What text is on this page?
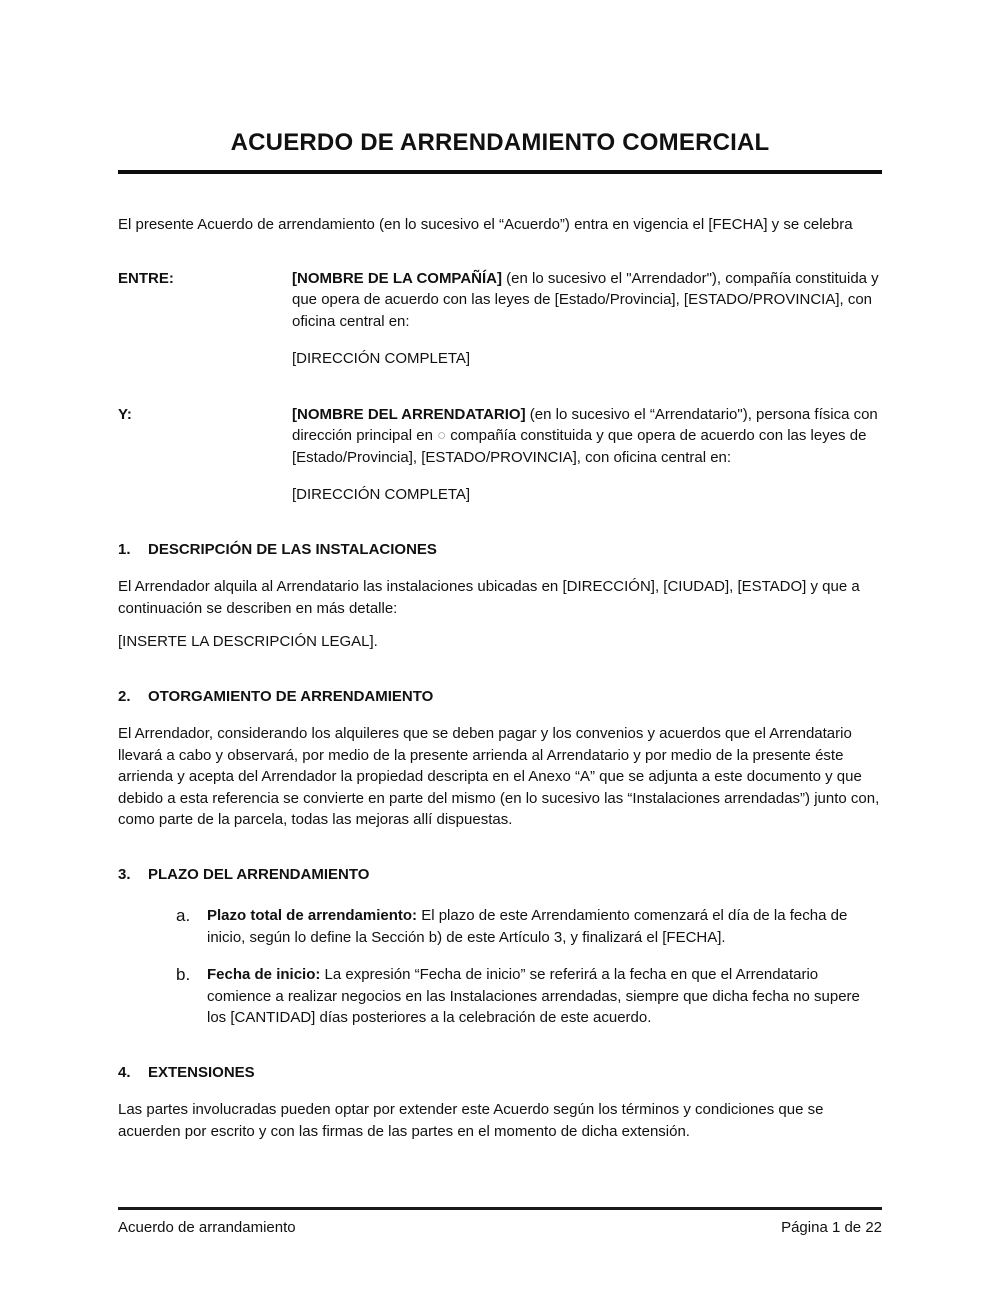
ACUERDO DE ARRENDAMIENTO COMERCIAL

El presente Acuerdo de arrendamiento (en lo sucesivo el “Acuerdo”) entra en vigencia el [FECHA] y se celebra

ENTRE:	[NOMBRE DE LA COMPAÑÍA] (en lo sucesivo el "Arrendador"), compañía constituida y que opera de acuerdo con las leyes de [Estado/Provincia], [ESTADO/PROVINCIA], con oficina central en:

[DIRECCIÓN COMPLETA]

Y:	[NOMBRE DEL ARRENDATARIO] (en lo sucesivo el “Arrendatario"), persona física con dirección principal en ○ compañía constituida y que opera de acuerdo con las leyes de [Estado/Provincia], [ESTADO/PROVINCIA], con oficina central en:

[DIRECCIÓN COMPLETA]

1.	DESCRIPCIÓN DE LAS INSTALACIONES

El Arrendador alquila al Arrendatario las instalaciones ubicadas en [DIRECCIÓN], [CIUDAD], [ESTADO] y que a continuación se describen en más detalle:

[INSERTE LA DESCRIPCIÓN LEGAL].

2.	OTORGAMIENTO DE ARRENDAMIENTO

El Arrendador, considerando los alquileres que se deben pagar y los convenios y acuerdos que el Arrendatario llevará a cabo y observará, por medio de la presente arrienda al Arrendatario y por medio de la presente éste arrienda y acepta del Arrendador la propiedad descripta en el Anexo “A” que se adjunta a este documento y que debido a esta referencia se convierte en parte del mismo (en lo sucesivo las “Instalaciones arrendadas”) junto con, como parte de la parcela, todas las mejoras allí dispuestas.

3.	PLAZO DEL ARRENDAMIENTO
a.	Plazo total de arrendamiento: El plazo de este Arrendamiento comenzará el día de la fecha de inicio, según lo define la Sección b) de este Artículo 3, y finalizará el [FECHA].
b.	Fecha de inicio: La expresión “Fecha de inicio” se referirá a la fecha en que el Arrendatario comience a realizar negocios en las Instalaciones arrendadas, siempre que dicha fecha no supere los [CANTIDAD] días posteriores a la celebración de este acuerdo.
4.	EXTENSIONES

Las partes involucradas pueden optar por extender este Acuerdo según los términos y condiciones que se acuerden por escrito y con las firmas de las partes en el momento de dicha extensión.

Acuerdo de arrandamiento	Página 1 de 22
